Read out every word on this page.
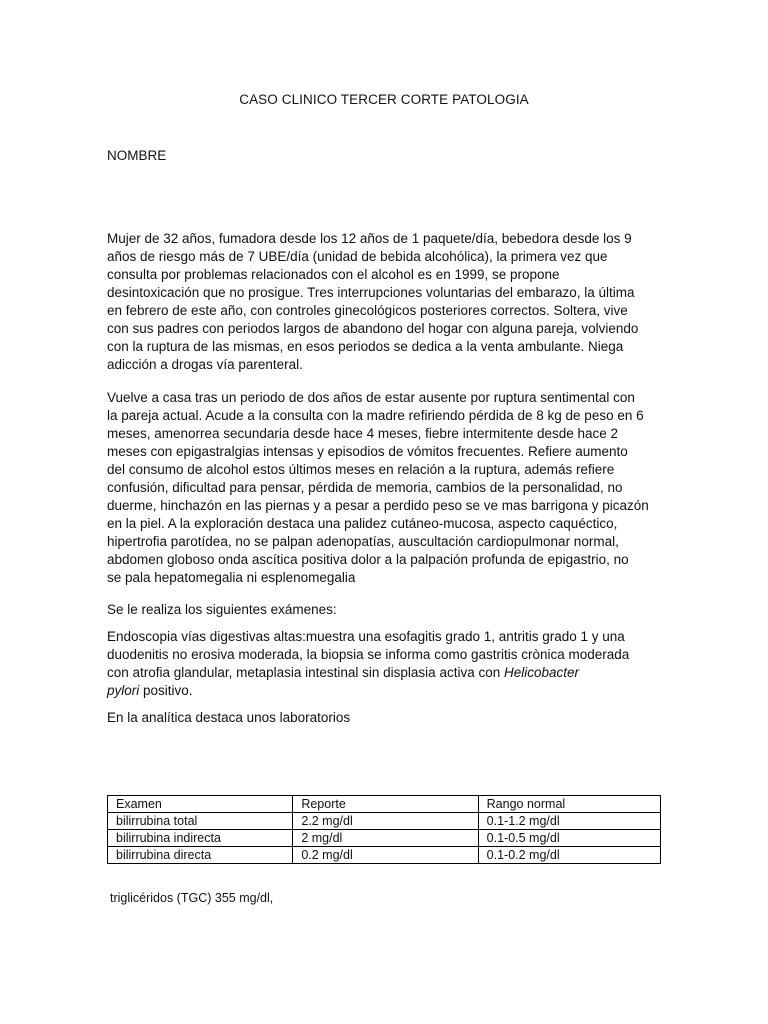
CASO CLINICO TERCER CORTE PATOLOGIA
NOMBRE

Mujer de 32 años, fumadora desde los 12 años de 1 paquete/día, bebedora desde los 9
años de riesgo más de 7 UBE/día (unidad de bebida alcohólica), la primera vez que
consulta por problemas relacionados con el alcohol es en 1999, se propone
desintoxicación que no prosigue. Tres interrupciones voluntarias del embarazo, la última
en febrero de este año, con controles ginecológicos posteriores correctos. Soltera, vive
con sus padres con periodos largos de abandono del hogar con alguna pareja, volviendo
con la ruptura de las mismas, en esos periodos se dedica a la venta ambulante. Niega
adicción a drogas vía parenteral.

Vuelve a casa tras un periodo de dos años de estar ausente por ruptura sentimental con
la pareja actual. Acude a la consulta con la madre refiriendo pérdida de 8 kg de peso en 6
meses, amenorrea secundaria desde hace 4 meses, fiebre intermitente desde hace 2
meses con epigastralgias intensas y episodios de vómitos frecuentes. Refiere aumento
del consumo de alcohol estos últimos meses en relación a la ruptura, además refiere
confusión, dificultad para pensar, pérdida de memoria, cambios de la personalidad, no
duerme, hinchazón en las piernas y a pesar a perdido peso se ve mas barrigona y picazón
en la piel. A la exploración destaca una palidez cutáneo-mucosa, aspecto caquéctico,
hipertrofia parotídea, no se palpan adenopatías, auscultación cardiopulmonar normal,
abdomen globoso onda ascítica positiva dolor a la palpación profunda de epigastrio, no
se pala hepatomegalia ni esplenomegalia

Se le realiza los siguientes exámenes:

Endoscopia vías digestivas altas:muestra una esofagitis grado 1, antritis grado 1 y una
duodenitis no erosiva moderada, la biopsia se informa como gastritis crònica moderada
con atrofia glandular, metaplasia intestinal sin displasia activa con Helicobacter
pylori positivo.

En la analítica destaca unos laboratorios

Examen	Reporte	Rango normal
bilirrubina total	2.2 mg/dl	0.1-1.2 mg/dl
bilirrubina indirecta	2 mg/dl	0.1-0.5 mg/dl
bilirrubina directa	0.2 mg/dl	0.1-0.2 mg/dl
triglicéridos (TGC) 355 mg/dl,
